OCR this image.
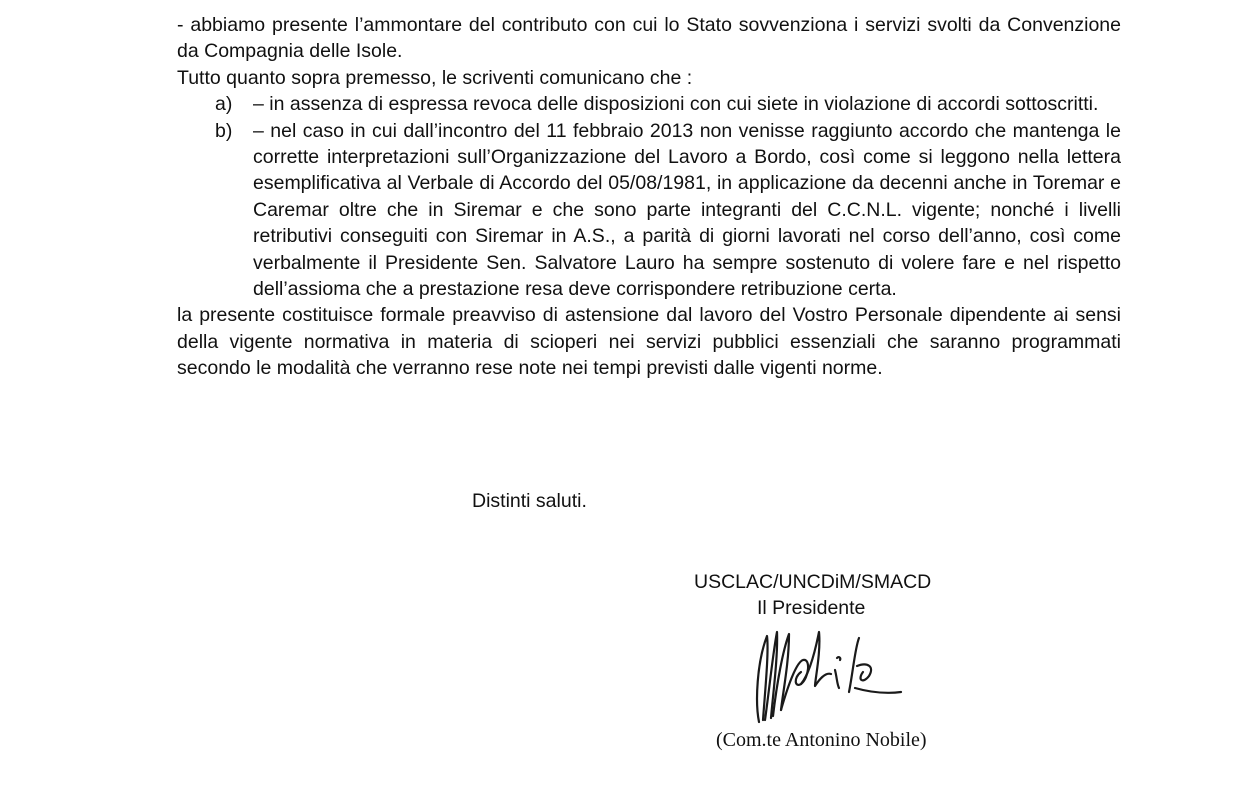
- abbiamo presente l’ammontare del contributo con cui lo Stato sovvenziona i servizi svolti da Convenzione da Compagnia delle Isole.

Tutto quanto sopra premesso, le scriventi comunicano che :

a) – in assenza di espressa revoca delle disposizioni con cui siete in violazione di accordi sottoscritti.
b) – nel caso in cui dall’incontro del 11 febbraio 2013 non venisse raggiunto accordo che mantenga le corrette interpretazioni sull’Organizzazione del Lavoro a Bordo, così come si leggono nella lettera esemplificativa al Verbale di Accordo del 05/08/1981, in applicazione da decenni anche in Toremar e Caremar oltre che in Siremar e che sono parte integranti del C.C.N.L. vigente; nonché i livelli retributivi conseguiti con Siremar in A.S., a parità di giorni lavorati nel corso dell’anno, così come verbalmente il Presidente Sen. Salvatore Lauro ha sempre sostenuto di volere fare e nel rispetto dell’assioma che a prestazione resa deve corrispondere retribuzione certa.

la presente costituisce formale preavviso di astensione dal lavoro del Vostro Personale dipendente ai sensi della vigente normativa in materia di scioperi nei servizi pubblici essenziali che saranno programmati secondo le modalità che verranno rese note nei tempi previsti dalle vigenti norme.

Distinti saluti.
USCLAC/UNCDiM/SMACD
Il Presidente
(Com.te Antonino Nobile)
